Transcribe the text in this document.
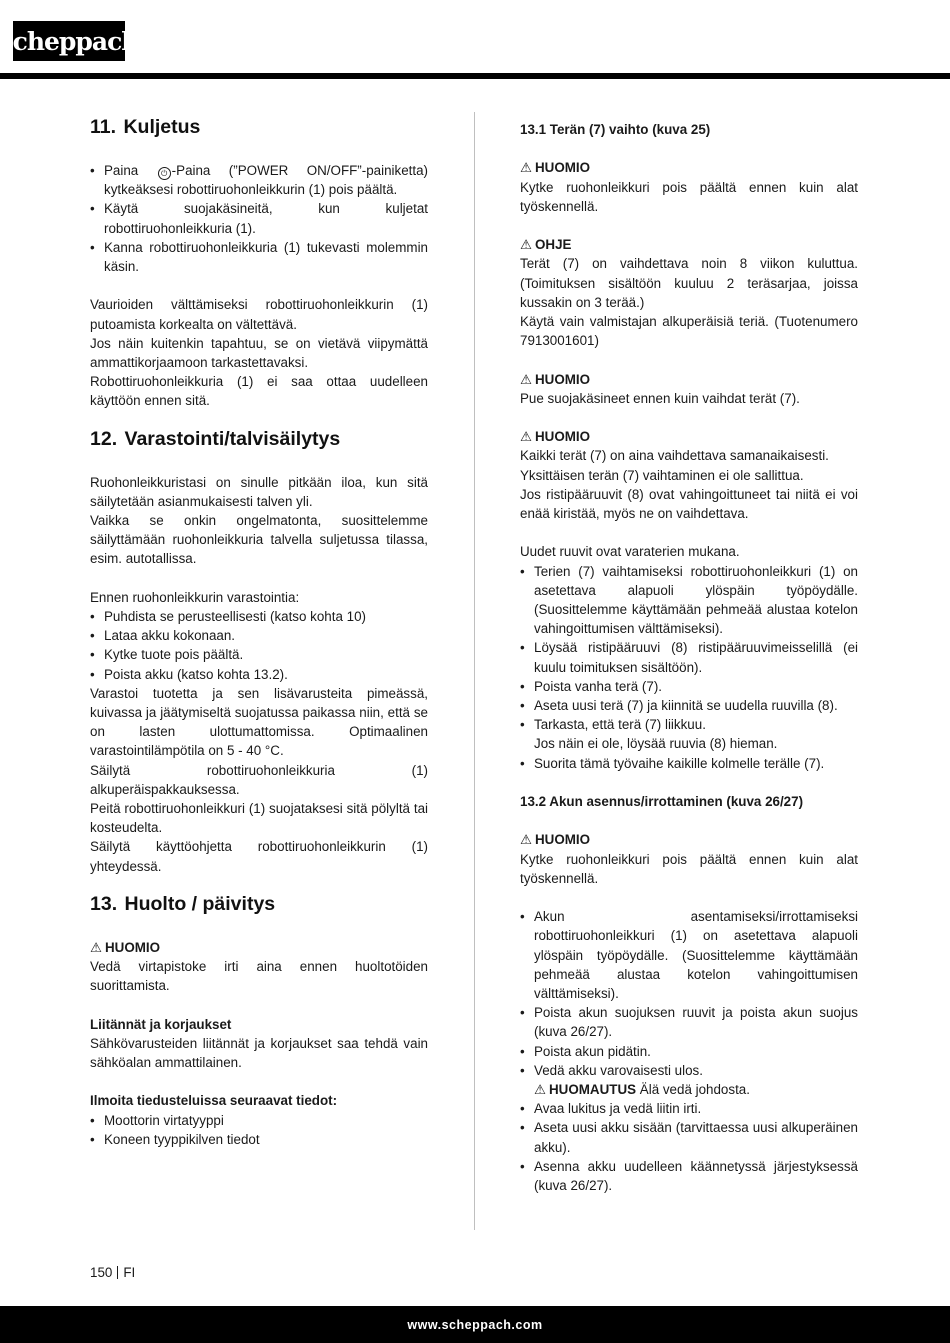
scheppach
11. Kuljetus
• Paina ⏻ -Paina (”POWER ON/OFF”-painiketta) kytkeäksesi robottiruohonleikkurin (1) pois päältä.
• Käytä suojakäsineitä, kun kuljetat robottiruohonleikkuria (1).
• Kanna robottiruohonleikkuria (1) tukevasti molemmin käsin.

Vaurioiden välttämiseksi robottiruohonleikkurin (1) putoamista korkealta on vältettävä.

Jos näin kuitenkin tapahtuu, se on vietävä viipymättä ammattikorjaamoon tarkastettavaksi.

Robottiruohonleikkuria (1) ei saa ottaa uudelleen käyttöön ennen sitä.

12. Varastointi/talvisäilytys

Ruohonleikkuristasi on sinulle pitkään iloa, kun sitä säilytetään asianmukaisesti talven yli.

Vaikka se onkin ongelmatonta, suosittelemme säilyttämään ruohonleikkuria talvella suljetussa tilassa, esim. autotallissa.

Ennen ruohonleikkurin varastointia:

• Puhdista se perusteellisesti (katso kohta 10)
• Lataa akku kokonaan.
• Kytke tuote pois päältä.
• Poista akku (katso kohta 13.2).

Varastoi tuotetta ja sen lisävarusteita pimeässä, kuivassa ja jäätymiseltä suojatussa paikassa niin, että se on lasten ulottumattomissa. Optimaalinen varastointilämpötila on 5 - 40 °C.

Säilytä robottiruohonleikkuria (1) alkuperäispakkauksessa.

Peitä robottiruohonleikkuri (1) suojataksesi sitä pölyltä tai kosteudelta.

Säilytä käyttöohjetta robottiruohonleikkurin (1) yhteydessä.

13. Huolto / päivitys

⚠ HUOMIO

Vedä virtapistoke irti aina ennen huoltotöiden suorittamista.

Liitännät ja korjaukset

Sähkövarusteiden liitännät ja korjaukset saa tehdä vain sähköalan ammattilainen.

Ilmoita tiedusteluissa seuraavat tiedot:

• Moottorin virtatyyppi
• Koneen tyyppikilven tiedot

13.1 Terän (7) vaihto (kuva 25)

⚠ HUOMIO

Kytke ruohonleikkuri pois päältä ennen kuin alat työskennellä.

⚠ OHJE

Terät (7) on vaihdettava noin 8 viikon kuluttua. (Toimituksen sisältöön kuuluu 2 teräsarjaa, joissa kussakin on 3 terää.)

Käytä vain valmistajan alkuperäisiä teriä. (Tuotenumero 7913001601)

⚠ HUOMIO

Pue suojakäsineet ennen kuin vaihdat terät (7).

⚠ HUOMIO

Kaikki terät (7) on aina vaihdettava samanaikaisesti.

Yksittäisen terän (7) vaihtaminen ei ole sallittua.

Jos ristipääruuvit (8) ovat vahingoittuneet tai niitä ei voi enää kiristää, myös ne on vaihdettava.

Uudet ruuvit ovat varaterien mukana.

• Terien (7) vaihtamiseksi robottiruohonleikkuri (1) on asetettava alapuoli ylöspäin työpöydälle. (Suosittelemme käyttämään pehmeää alustaa kotelon vahingoittumisen välttämiseksi).
• Löysää ristipääruuvi (8) ristipääruuvimeisselillä (ei kuulu toimituksen sisältöön).
• Poista vanha terä (7).
• Aseta uusi terä (7) ja kiinnitä se uudella ruuvilla (8).
• Tarkasta, että terä (7) liikkuu.
Jos näin ei ole, löysää ruuvia (8) hieman.
• Suorita tämä työvaihe kaikille kolmelle terälle (7).

13.2 Akun asennus/irrottaminen (kuva 26/27)

⚠ HUOMIO

Kytke ruohonleikkuri pois päältä ennen kuin alat työskennellä.

• Akun asentamiseksi/irrottamiseksi robottiruohonleikkuri (1) on asetettava alapuoli ylöspäin työpöydälle. (Suosittelemme käyttämään pehmeää alustaa kotelon vahingoittumisen välttämiseksi).
• Poista akun suojuksen ruuvit ja poista akun suojus (kuva 26/27).
• Poista akun pidätin.
• Vedä akku varovaisesti ulos.
⚠ HUOMAUTUS Älä vedä johdosta.
• Avaa lukitus ja vedä liitin irti.
• Aseta uusi akku sisään (tarvittaessa uusi alkuperäinen akku).
• Asenna akku uudelleen käännetyssä järjestyksessä (kuva 26/27).
150 FI
www.scheppach.com
